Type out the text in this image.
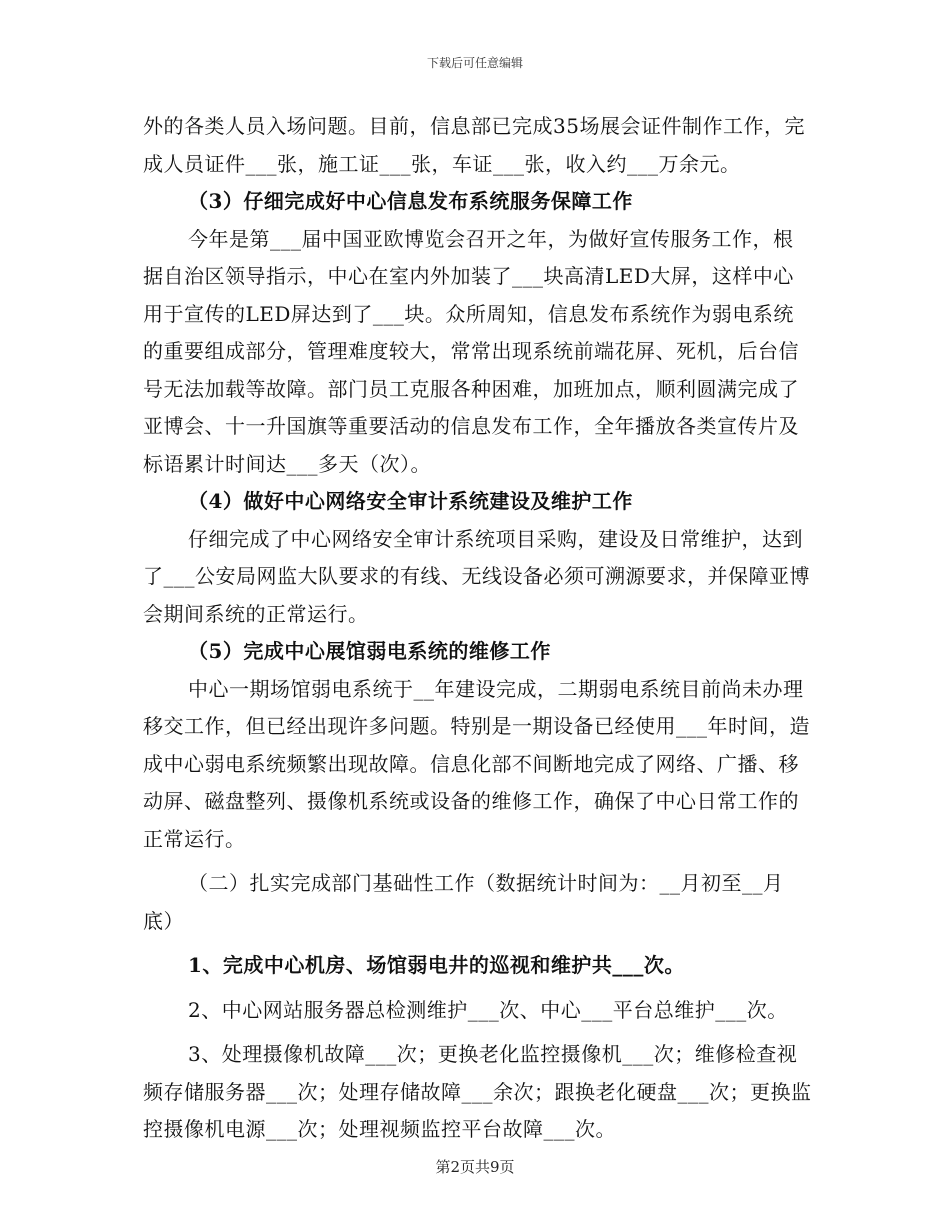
下载后可任意编辑

外的各类人员入场问题。目前，信息部已完成35场展会证件制作工作，完成人员证件___张，施工证___张，车证___张，收入约___万余元。

（3）仔细完成好中心信息发布系统服务保障工作

今年是第___届中国亚欧博览会召开之年，为做好宣传服务工作，根据自治区领导指示，中心在室内外加装了___块高清LED大屏，这样中心用于宣传的LED屏达到了___块。众所周知，信息发布系统作为弱电系统的重要组成部分，管理难度较大，常常出现系统前端花屏、死机，后台信号无法加载等故障。部门员工克服各种困难，加班加点，顺利圆满完成了亚博会、十一升国旗等重要活动的信息发布工作，全年播放各类宣传片及标语累计时间达___多天（次）。

（4）做好中心网络安全审计系统建设及维护工作

仔细完成了中心网络安全审计系统项目采购，建设及日常维护，达到了___公安局网监大队要求的有线、无线设备必须可溯源要求，并保障亚博会期间系统的正常运行。

（5）完成中心展馆弱电系统的维修工作

中心一期场馆弱电系统于__年建设完成，二期弱电系统目前尚未办理移交工作，但已经出现许多问题。特别是一期设备已经使用___年时间，造成中心弱电系统频繁出现故障。信息化部不间断地完成了网络、广播、移动屏、磁盘整列、摄像机系统或设备的维修工作，确保了中心日常工作的正常运行。

（二）扎实完成部门基础性工作（数据统计时间为：__月初至__月底）

1、完成中心机房、场馆弱电井的巡视和维护共___次。

2、中心网站服务器总检测维护___次、中心___平台总维护___次。

3、处理摄像机故障___次；更换老化监控摄像机___次；维修检查视频存储服务器___次；处理存储故障___余次；跟换老化硬盘___次；更换监控摄像机电源___次；处理视频监控平台故障___次。

第2页共9页
